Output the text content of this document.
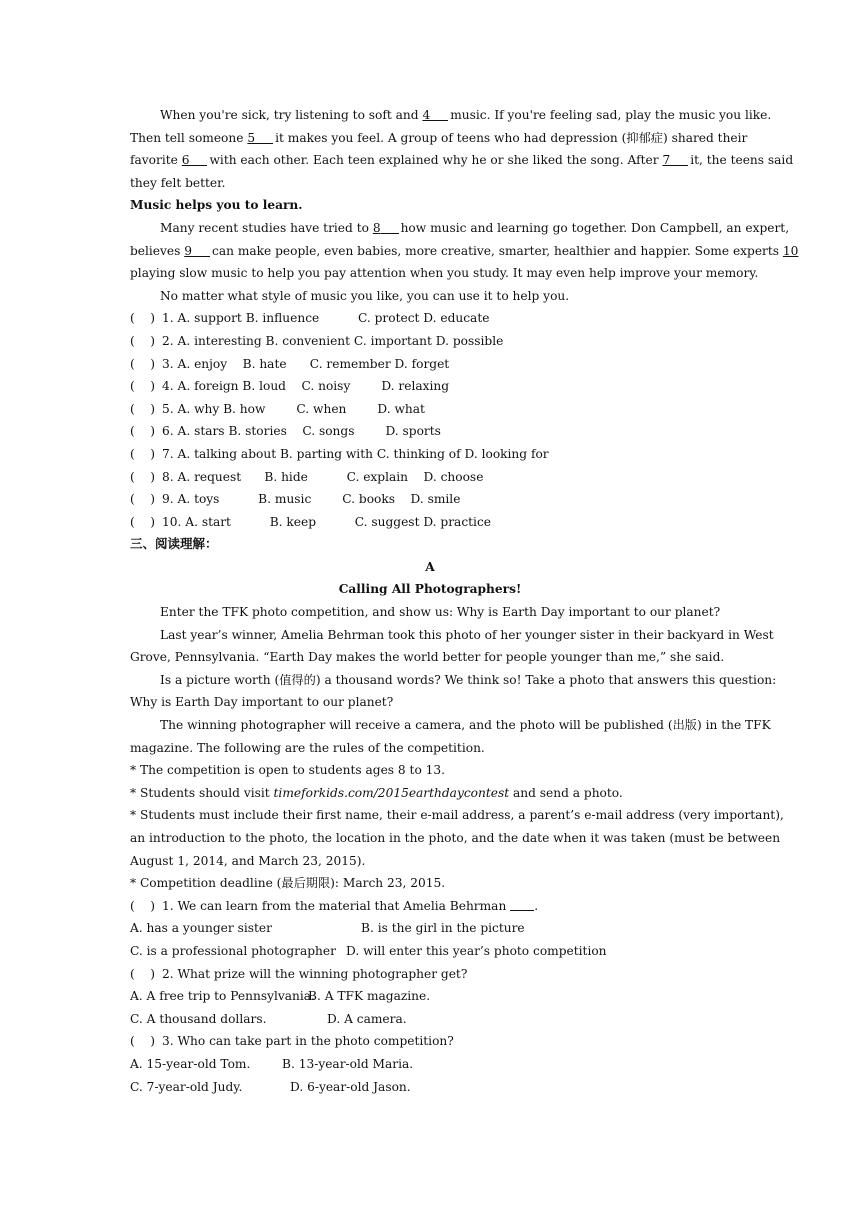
When you're sick, try listening to soft and 4 music. If you're feeling sad, play the music you like.
Then tell someone 5 it makes you feel. A group of teens who had depression (抑郁症) shared their
favorite 6 with each other. Each teen explained why he or she liked the song. After 7 it, the teens said
they felt better.
Music helps you to learn.
Many recent studies have tried to 8 how music and learning go together. Don Campbell, an expert,
believes 9 can make people, even babies, more creative, smarter, healthier and happier. Some experts 10
playing slow music to help you pay attention when you study. It may even help improve your memory.
No matter what style of music you like, you can use it to help you.
( ) 1. A. support B. influence          C. protect D. educate
( ) 2. A. interesting B. convenient C. important D. possible
( ) 3. A. enjoy    B. hate      C. remember D. forget
( ) 4. A. foreign B. loud    C. noisy        D. relaxing
( ) 5. A. why B. how        C. when        D. what
( ) 6. A. stars B. stories    C. songs        D. sports
( ) 7. A. talking about B. parting with C. thinking of D. looking for
( ) 8. A. request      B. hide          C. explain    D. choose
( ) 9. A. toys          B. music        C. books    D. smile
( ) 10. A. start          B. keep          C. suggest D. practice
三、阅读理解：
A
Calling All Photographers!
Enter the TFK photo competition, and show us: Why is Earth Day important to our planet?
Last year’s winner, Amelia Behrman took this photo of her younger sister in their backyard in West
Grove, Pennsylvania. “Earth Day makes the world better for people younger than me,” she said.
Is a picture worth (值得的) a thousand words? We think so! Take a photo that answers this question:
Why is Earth Day important to our planet?
The winning photographer will receive a camera, and the photo will be published (出版) in the TFK
magazine. The following are the rules of the competition.
* The competition is open to students ages 8 to 13.
* Students should visit timeforkids.com/2015earthdaycontest and send a photo.
* Students must include their first name, their e-mail address, a parent’s e-mail address (very important),
an introduction to the photo, the location in the photo, and the date when it was taken (must be between
August 1, 2014, and March 23, 2015).
* Competition deadline (最后期限): March 23, 2015.
( ) 1. We can learn from the material that Amelia Behrman .
A. has a younger sister	B. is the girl in the picture
C. is a professional photographer D. will enter this year’s photo competition
( ) 2. What prize will the winning photographer get?
A. A free trip to Pennsylvania.B. A TFK magazine.
C. A thousand dollars.	D. A camera.
( ) 3. Who can take part in the photo competition?
A. 15-year-old Tom.	B. 13-year-old Maria.
C. 7-year-old Judy.	D. 6-year-old Jason.
